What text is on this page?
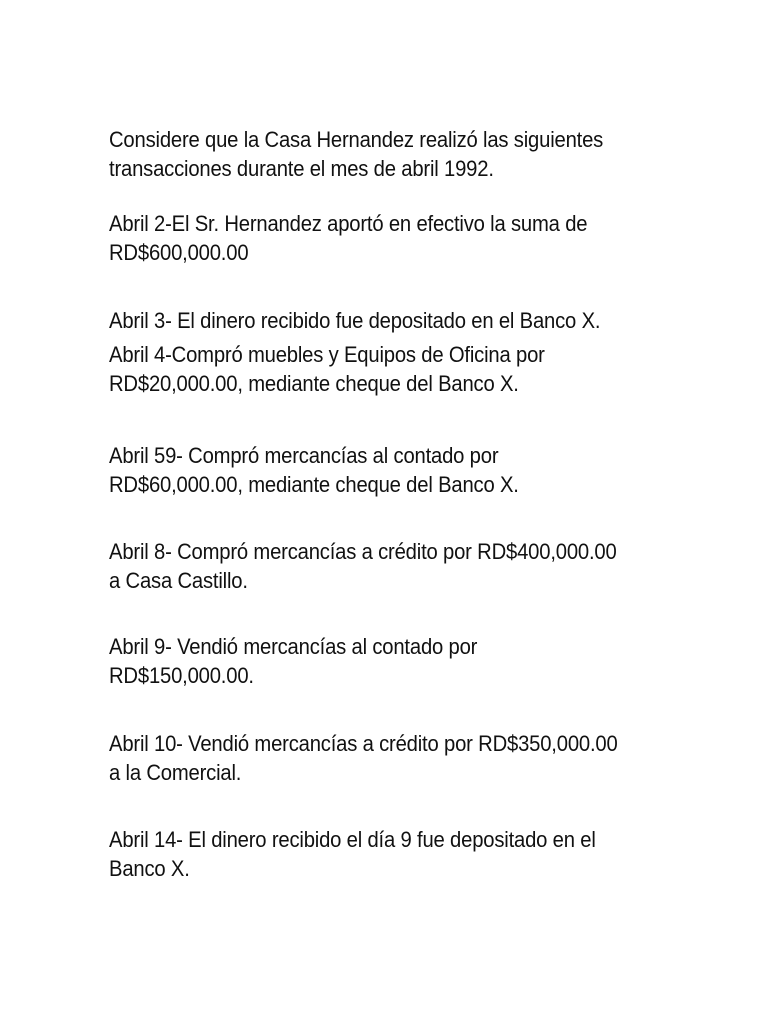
Considere que la Casa Hernandez realizó las siguientes
transacciones durante el mes de abril 1992.

Abril 2-El Sr. Hernandez aportó en efectivo la suma de
RD$600,000.00

Abril 3- El dinero recibido fue depositado en el Banco X.

Abril 4-Compró muebles y Equipos de Oficina por
RD$20,000.00, mediante cheque del Banco X.

Abril 59- Compró mercancías al contado por
RD$60,000.00, mediante cheque del Banco X.

Abril 8- Compró mercancías a crédito por RD$400,000.00
a Casa Castillo.

Abril 9- Vendió mercancías al contado por
RD$150,000.00.

Abril 10- Vendió mercancías a crédito por RD$350,000.00
a la Comercial.

Abril 14- El dinero recibido el día 9 fue depositado en el
Banco X.
